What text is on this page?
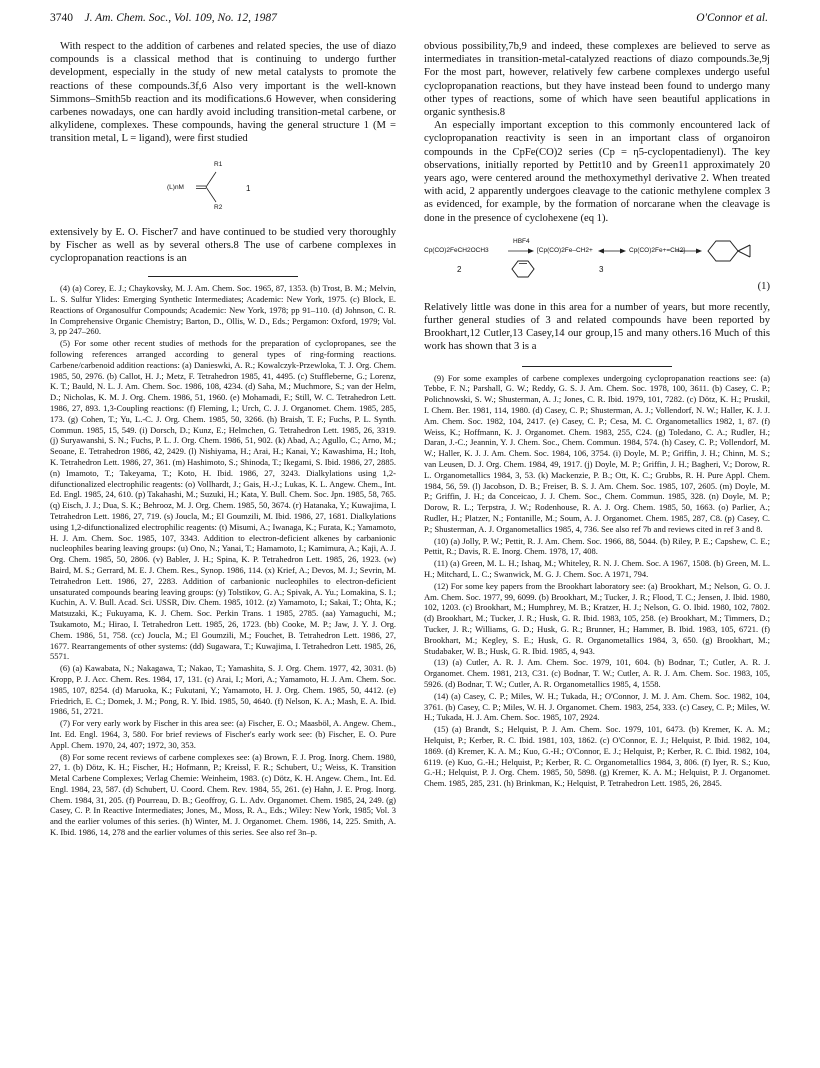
3740 J. Am. Chem. Soc., Vol. 109, No. 12, 1987	O'Connor et al.

With respect to the addition of carbenes and related species, the use of diazo compounds is a classical method that is continuing to undergo further development, especially in the study of new metal catalysts to promote the reactions of these compounds.3f,6 Also very important is the well-known Simmons–Smith5b reaction and its modifications.6 However, when considering carbenes nowadays, one can hardly avoid including transition-metal carbene, or alkylidene, complexes. These compounds, having the general structure 1 (M = transition metal, L = ligand), were first studied

(L)nM
R1
R2
1

extensively by E. O. Fischer7 and have continued to be studied very thoroughly by Fischer as well as by several others.8 The use of carbene complexes in cyclopropanation reactions is an

(4) (a) Corey, E. J.; Chaykovsky, M. J. Am. Chem. Soc. 1965, 87, 1353. (b) Trost, B. M.; Melvin, L. S. Sulfur Ylides: Emerging Synthetic Intermediates; Academic: New York, 1975. (c) Block, E. Reactions of Organosulfur Compounds; Academic: New York, 1978; pp 91–110. (d) Johnson, C. R. In Comprehensive Organic Chemistry; Barton, D., Ollis, W. D., Eds.; Pergamon: Oxford, 1979; Vol. 3, pp 247–260.

(5) For some other recent studies of methods for the preparation of cyclopropanes, see the following references arranged according to general types of ring-forming reactions. Carbene/carbenoid addition reactions: (a) Danieswki, A. R.; Kowalczyk-Przewloka, T. J. Org. Chem. 1985, 50, 2976. (b) Callot, H. J.; Metz, F. Tetrahedron 1985, 41, 4495. (c) Stuffleberne, G.; Lorenz, K. T.; Bauld, N. L. J. Am. Chem. Soc. 1986, 108, 4234. (d) Saha, M.; Muchmore, S.; van der Helm, D.; Nicholas, K. M. J. Org. Chem. 1986, 51, 1960. (e) Mohamadi, F.; Still, W. C. Tetrahedron Lett. 1986, 27, 893. 1,3-Coupling reactions: (f) Fleming, I.; Urch, C. J. J. Organomet. Chem. 1985, 285, 173. (g) Cohen, T.; Yu, L.-C. J. Org. Chem. 1985, 50, 3266. (h) Braish, T. F.; Fuchs, P. L. Synth. Commun. 1985, 15, 549. (i) Dorsch, D.; Kunz, E.; Helmchen, G. Tetrahedron Lett. 1985, 26, 3319. (j) Suryawanshi, S. N.; Fuchs, P. L. J. Org. Chem. 1986, 51, 902. (k) Abad, A.; Agullo, C.; Arno, M.; Seoane, E. Tetrahedron 1986, 42, 2429. (l) Nishiyama, H.; Arai, H.; Kanai, Y.; Kawashima, H.; Itoh, K. Tetrahedron Lett. 1986, 27, 361. (m) Hashimoto, S.; Shinoda, T.; Ikegami, S. Ibid. 1986, 27, 2885. (n) Imamoto, T.; Takeyama, T.; Koto, H. Ibid. 1986, 27, 3243. Dialkylations using 1,2-difunctionalized electrophilic reagents: (o) Vollhardt, J.; Gais, H.-J.; Lukas, K. L. Angew. Chem., Int. Ed. Engl. 1985, 24, 610. (p) Takahashi, M.; Suzuki, H.; Kata, Y. Bull. Chem. Soc. Jpn. 1985, 58, 765. (q) Eisch, J. J.; Dua, S. K.; Behrooz, M. J. Org. Chem. 1985, 50, 3674. (r) Hatanaka, Y.; Kuwajima, I. Tetrahedron Lett. 1986, 27, 719. (s) Joucla, M.; El Goumzili, M. Ibid. 1986, 27, 1681. Dialkylations using 1,2-difunctionalized electrophilic reagents: (t) Misumi, A.; Iwanaga, K.; Furata, K.; Yamamoto, H. J. Am. Chem. Soc. 1985, 107, 3343. Addition to electron-deficient alkenes by carbanionic nucleophiles bearing leaving groups: (u) Ono, N.; Yanai, T.; Hamamoto, I.; Kamimura, A.; Kaji, A. J. Org. Chem. 1985, 50, 2806. (v) Babler, J. H.; Spina, K. P. Tetrahedron Lett. 1985, 26, 1923. (w) Baird, M. S.; Gerrard, M. E. J. Chem. Res., Synop. 1986, 114. (x) Krief, A.; Devos, M. J.; Sevrin, M. Tetrahedron Lett. 1986, 27, 2283. Addition of carbanionic nucleophiles to electron-deficient unsaturated compounds bearing leaving groups: (y) Tolstikov, G. A.; Spivak, A. Yu.; Lomakina, S. I.; Kuchin, A. V. Bull. Acad. Sci. USSR, Div. Chem. 1985, 1012. (z) Yamamoto, I.; Sakai, T.; Ohta, K.; Matsuzaki, K.; Fukuyama, K. J. Chem. Soc. Perkin Trans. 1 1985, 2785. (aa) Yamaguchi, M.; Tsukamoto, M.; Hirao, I. Tetrahedron Lett. 1985, 26, 1723. (bb) Cooke, M. P.; Jaw, J. Y. J. Org. Chem. 1986, 51, 758. (cc) Joucla, M.; El Goumzili, M.; Fouchet, B. Tetrahedron Lett. 1986, 27, 1677. Rearrangements of other systems: (dd) Sugawara, T.; Kuwajima, I. Tetrahedron Lett. 1985, 26, 5571.

(6) (a) Kawabata, N.; Nakagawa, T.; Nakao, T.; Yamashita, S. J. Org. Chem. 1977, 42, 3031. (b) Kropp, P. J. Acc. Chem. Res. 1984, 17, 131. (c) Arai, I.; Mori, A.; Yamamoto, H. J. Am. Chem. Soc. 1985, 107, 8254. (d) Maruoka, K.; Fukutani, Y.; Yamamoto, H. J. Org. Chem. 1985, 50, 4412. (e) Friedrich, E. C.; Domek, J. M.; Pong, R. Y. Ibid. 1985, 50, 4640. (f) Nelson, K. A.; Mash, E. A. Ibid. 1986, 51, 2721.

(7) For very early work by Fischer in this area see: (a) Fischer, E. O.; Maasböl, A. Angew. Chem., Int. Ed. Engl. 1964, 3, 580. For brief reviews of Fischer's early work see: (b) Fischer, E. O. Pure Appl. Chem. 1970, 24, 407; 1972, 30, 353.

(8) For some recent reviews of carbene complexes see: (a) Brown, F. J. Prog. Inorg. Chem. 1980, 27, 1. (b) Dötz, K. H.; Fischer, H.; Hofmann, P.; Kreissl, F. R.; Schubert, U.; Weiss, K. Transition Metal Carbene Complexes; Verlag Chemie: Weinheim, 1983. (c) Dötz, K. H. Angew. Chem., Int. Ed. Engl. 1984, 23, 587. (d) Schubert, U. Coord. Chem. Rev. 1984, 55, 261. (e) Hahn, J. E. Prog. Inorg. Chem. 1984, 31, 205. (f) Pourreau, D. B.; Geoffroy, G. L. Adv. Organomet. Chem. 1985, 24, 249. (g) Casey, C. P. In Reactive Intermediates; Jones, M., Moss, R. A., Eds.; Wiley: New York, 1985; Vol. 3 and the earlier volumes of this series. (h) Winter, M. J. Organomet. Chem. 1986, 14, 225. Smith, A. K. Ibid. 1986, 14, 278 and the earlier volumes of this series. See also ref 3n–p.

obvious possibility,7b,9 and indeed, these complexes are believed to serve as intermediates in transition-metal-catalyzed reactions of diazo compounds.3e,9j For the most part, however, relatively few carbene complexes undergo useful cyclopropanation reactions, but they have instead been found to undergo many other types of reactions, some of which have seen beautiful applications in organic synthesis.8

An especially important exception to this commonly encountered lack of cyclopropanation reactivity is seen in an important class of organoiron compounds in the CpFe(CO)2 series (Cp = η5-cyclopentadienyl). The key observations, initially reported by Pettit10 and by Green11 approximately 20 years ago, were centered around the methoxymethyl derivative 2. When treated with acid, 2 apparently undergoes cleavage to the cationic methylene complex 3 as evidenced, for example, by the formation of norcarane when the cleavage is done in the presence of cyclohexene (eq 1).

Cp(CO)2FeCH2OCH3
HBF4
[Cp(CO)2Fe–CH2+	Cp(CO)2Fe+=CH2]
2	3
(1)

Relatively little was done in this area for a number of years, but more recently, further general studies of 3 and related compounds have been reported by Brookhart,12 Cutler,13 Casey,14 our group,15 and many others.16 Much of this work has shown that 3 is a

(9) For some examples of carbene complexes undergoing cyclopropanation reactions see: (a) Tebbe, F. N.; Parshall, G. W.; Reddy, G. S. J. Am. Chem. Soc. 1978, 100, 3611. (b) Casey, C. P.; Polichnowski, S. W.; Shusterman, A. J.; Jones, C. R. Ibid. 1979, 101, 7282. (c) Dötz, K. H.; Pruskil, I. Chem. Ber. 1981, 114, 1980. (d) Casey, C. P.; Shusterman, A. J.; Vollendorf, N. W.; Haller, K. J. J. Am. Chem. Soc. 1982, 104, 2417. (e) Casey, C. P.; Cesa, M. C. Organometallics 1982, 1, 87. (f) Weiss, K.; Hoffmann, K. J. Organomet. Chem. 1983, 255, C24. (g) Toledano, C. A.; Rudler, H.; Daran, J.-C.; Jeannin, Y. J. Chem. Soc., Chem. Commun. 1984, 574. (h) Casey, C. P.; Vollendorf, M. W.; Haller, K. J. J. Am. Chem. Soc. 1984, 106, 3754. (i) Doyle, M. P.; Griffin, J. H.; Chinn, M. S.; van Leusen, D. J. Org. Chem. 1984, 49, 1917. (j) Doyle, M. P.; Griffin, J. H.; Bagheri, V.; Dorow, R. L. Organometallics 1984, 3, 53. (k) Mackenzie, P. B.; Ott, K. C.; Grubbs, R. H. Pure Appl. Chem. 1984, 56, 59. (l) Jacobson, D. B.; Freiser, B. S. J. Am. Chem. Soc. 1985, 107, 2605. (m) Doyle, M. P.; Griffin, J. H.; da Conceicao, J. J. Chem. Soc., Chem. Commun. 1985, 328. (n) Doyle, M. P.; Dorow, R. L.; Terpstra, J. W.; Rodenhouse, R. A. J. Org. Chem. 1985, 50, 1663. (o) Parlier, A.; Rudler, H.; Platzer, N.; Fontanille, M.; Soum, A. J. Organomet. Chem. 1985, 287, C8. (p) Casey, C. P.; Shusterman, A. J. Organometallics 1985, 4, 736. See also ref 7b and reviews cited in ref 3 and 8.

(10) (a) Jolly, P. W.; Pettit, R. J. Am. Chem. Soc. 1966, 88, 5044. (b) Riley, P. E.; Capshew, C. E.; Pettit, R.; Davis, R. E. Inorg. Chem. 1978, 17, 408.

(11) (a) Green, M. L. H.; Ishaq, M.; Whiteley, R. N. J. Chem. Soc. A 1967, 1508. (b) Green, M. L. H.; Mitchard, L. C.; Swanwick, M. G. J. Chem. Soc. A 1971, 794.

(12) For some key papers from the Brookhart laboratory see: (a) Brookhart, M.; Nelson, G. O. J. Am. Chem. Soc. 1977, 99, 6099. (b) Brookhart, M.; Tucker, J. R.; Flood, T. C.; Jensen, J. Ibid. 1980, 102, 1203. (c) Brookhart, M.; Humphrey, M. B.; Kratzer, H. J.; Nelson, G. O. Ibid. 1980, 102, 7802. (d) Brookhart, M.; Tucker, J. R.; Husk, G. R. Ibid. 1983, 105, 258. (e) Brookhart, M.; Timmers, D.; Tucker, J. R.; Williams, G. D.; Husk, G. R.; Brunner, H.; Hammer, B. Ibid. 1983, 105, 6721. (f) Brookhart, M.; Kegley, S. E.; Husk, G. R. Organometallics 1984, 3, 650. (g) Brookhart, M.; Studabaker, W. B.; Husk, G. R. Ibid. 1985, 4, 943.

(13) (a) Cutler, A. R. J. Am. Chem. Soc. 1979, 101, 604. (b) Bodnar, T.; Cutler, A. R. J. Organomet. Chem. 1981, 213, C31. (c) Bodnar, T. W.; Cutler, A. R. J. Am. Chem. Soc. 1983, 105, 5926. (d) Bodnar, T. W.; Cutler, A. R. Organometallics 1985, 4, 1558.

(14) (a) Casey, C. P.; Miles, W. H.; Tukada, H.; O'Connor, J. M. J. Am. Chem. Soc. 1982, 104, 3761. (b) Casey, C. P.; Miles, W. H. J. Organomet. Chem. 1983, 254, 333. (c) Casey, C. P.; Miles, W. H.; Tukada, H. J. Am. Chem. Soc. 1985, 107, 2924.

(15) (a) Brandt, S.; Helquist, P. J. Am. Chem. Soc. 1979, 101, 6473. (b) Kremer, K. A. M.; Helquist, P.; Kerber, R. C. Ibid. 1981, 103, 1862. (c) O'Connor, E. J.; Helquist, P. Ibid. 1982, 104, 1869. (d) Kremer, K. A. M.; Kuo, G.-H.; O'Connor, E. J.; Helquist, P.; Kerber, R. C. Ibid. 1982, 104, 6119. (e) Kuo, G.-H.; Helquist, P.; Kerber, R. C. Organometallics 1984, 3, 806. (f) Iyer, R. S.; Kuo, G.-H.; Helquist, P. J. Org. Chem. 1985, 50, 5898. (g) Kremer, K. A. M.; Helquist, P. J. Organomet. Chem. 1985, 285, 231. (h) Brinkman, K.; Helquist, P. Tetrahedron Lett. 1985, 26, 2845.
